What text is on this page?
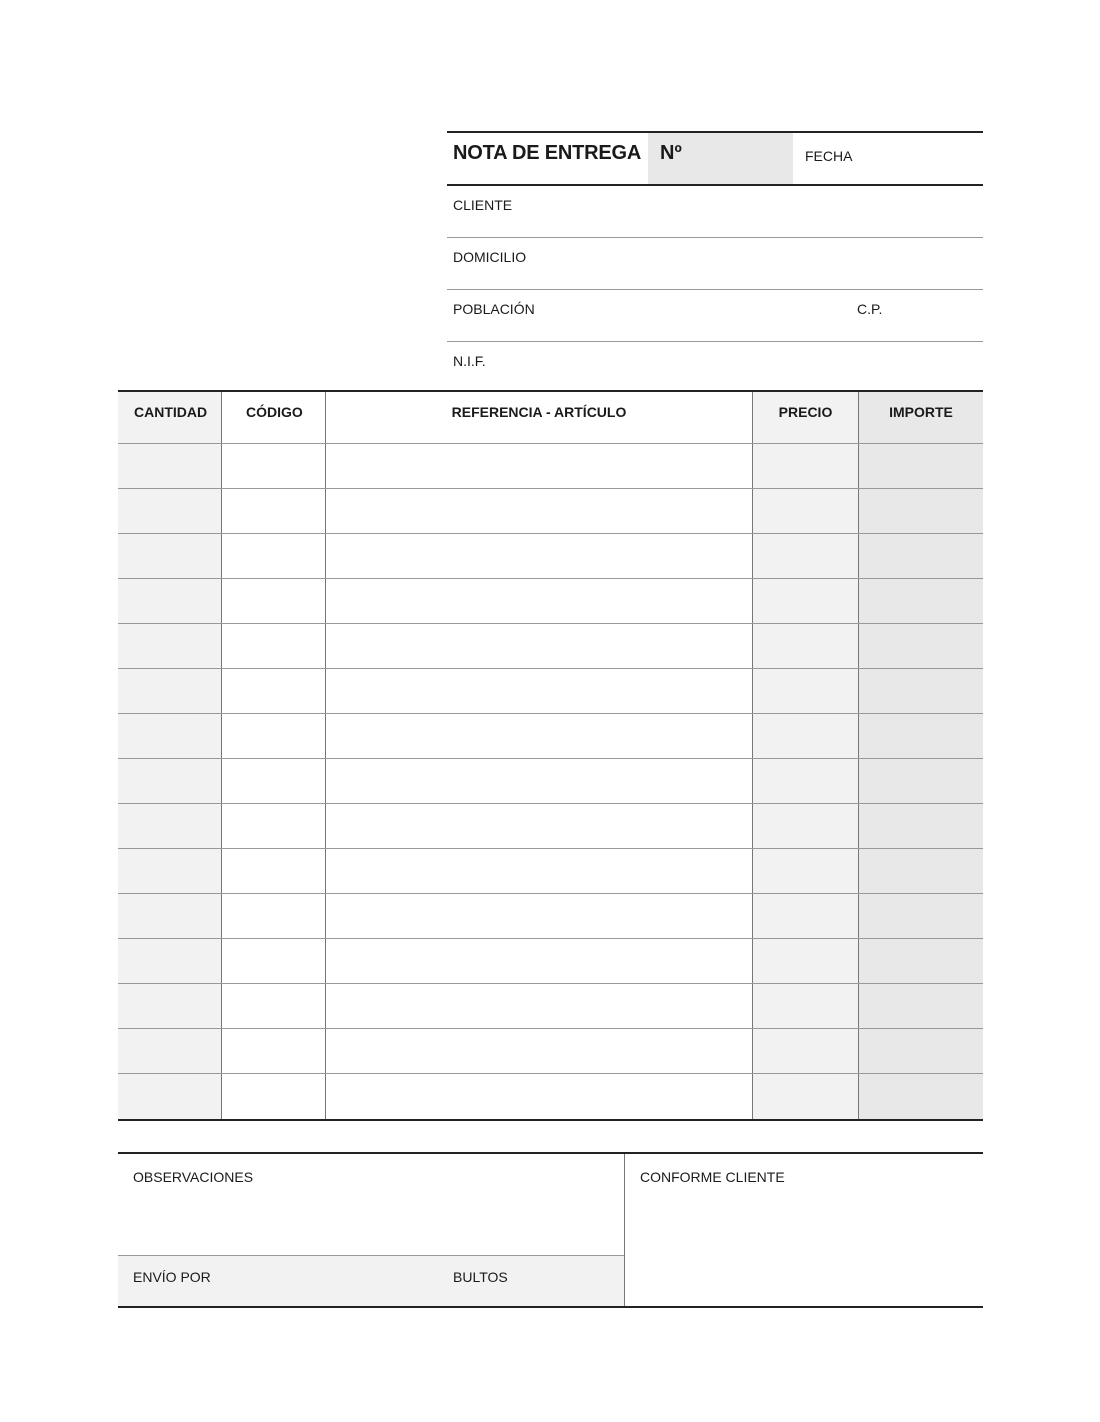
NOTA DE ENTREGA Nº	FECHA
CLIENTE
DOMICILIO
POBLACIÓN	C.P.
N.I.F.
CANTIDAD	CÓDIGO	REFERENCIA - ARTÍCULO	PRECIO	IMPORTE
OBSERVACIONES
ENVÍO POR	BULTOS
CONFORME CLIENTE
